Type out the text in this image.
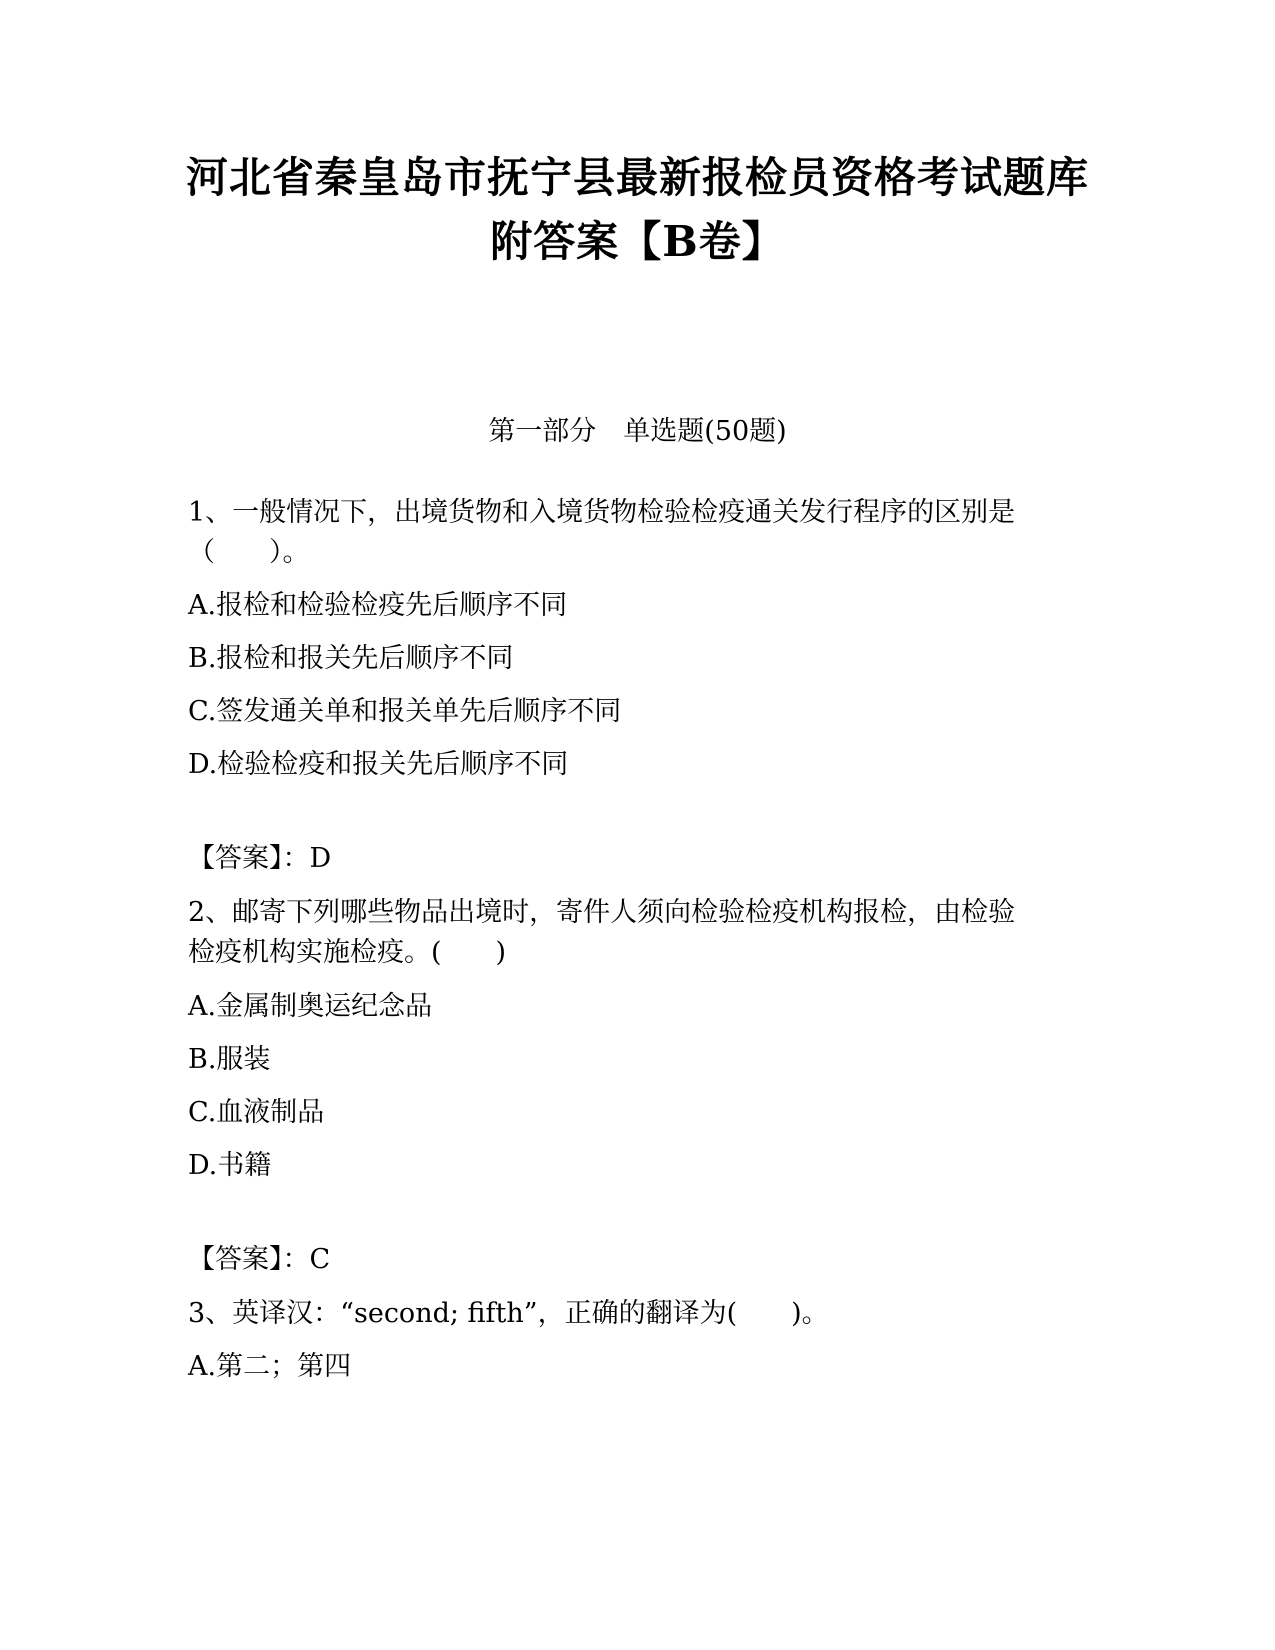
河北省秦皇岛市抚宁县最新报检员资格考试题库
附答案【B卷】
第一部分　单选题(50题)
1、一般情况下，出境货物和入境货物检验检疫通关发行程序的区别是
（　　）。
A.报检和检验检疫先后顺序不同
B.报检和报关先后顺序不同
C.签发通关单和报关单先后顺序不同
D.检验检疫和报关先后顺序不同
【答案】：D
2、邮寄下列哪些物品出境时，寄件人须向检验检疫机构报检，由检验
检疫机构实施检疫。(　　)
A.金属制奥运纪念品
B.服装
C.血液制品
D.书籍
【答案】：C
3、英译汉：“second; fifth”，正确的翻译为(　　)。
A.第二；第四
